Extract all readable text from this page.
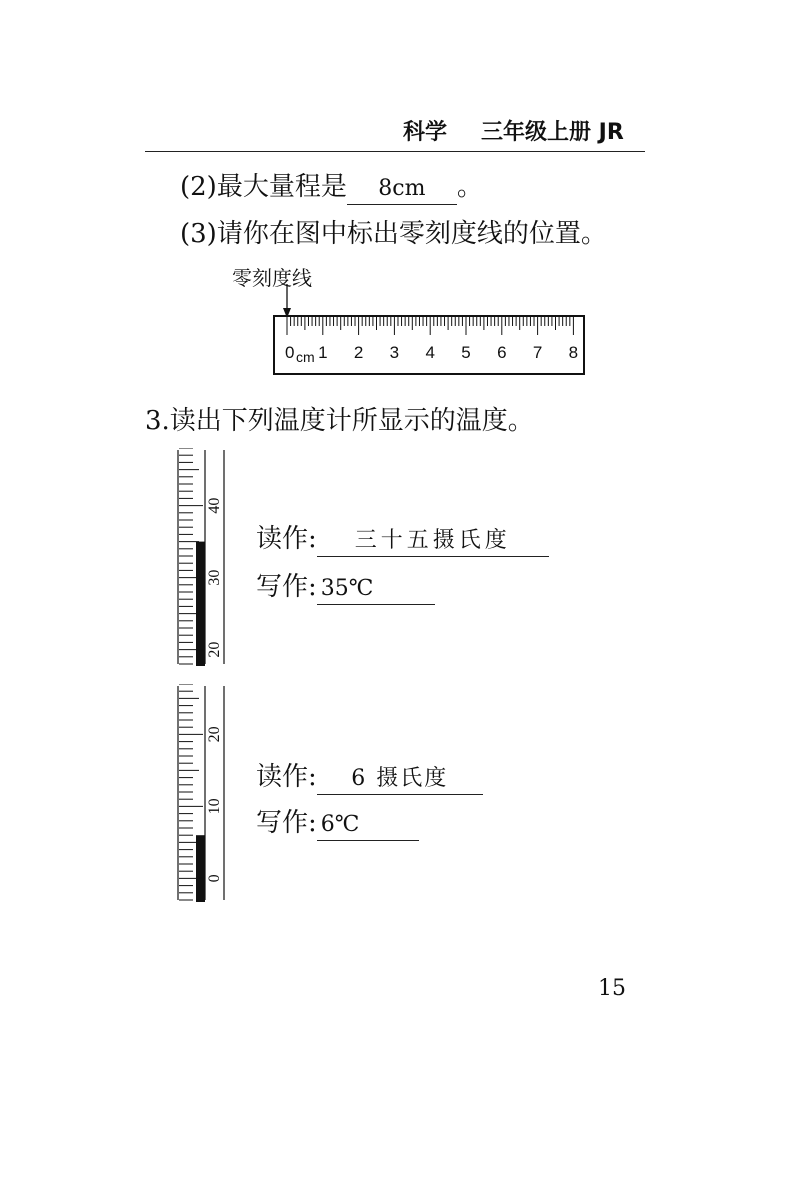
科学 三年级上册 JR
(2)最大量程是 8cm 。
(3)请你在图中标出零刻度线的位置。
零刻度线
0 1 2 3 4 5 6 7 8
cm
3.读出下列温度计所显示的温度。
40
30
20
读作: 三十五摄氏度
写作: 35℃
20
10
0
读作: 6 摄氏度
写作: 6℃
15
